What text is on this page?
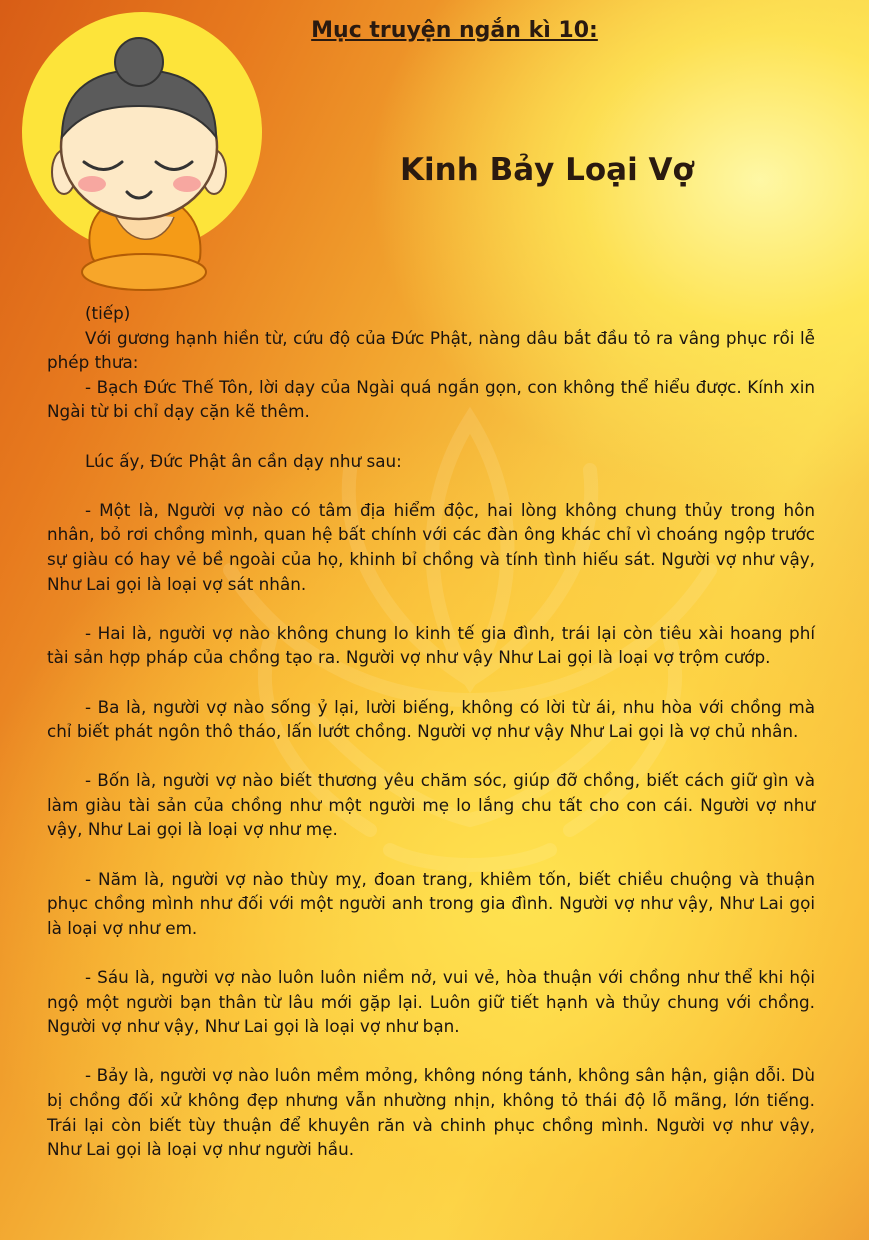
Mục truyện ngắn kì 10:
Kinh Bảy Loại Vợ

(tiếp)

Với gương hạnh hiền từ, cứu độ của Đức Phật, nàng dâu bắt đầu tỏ ra vâng phục rồi lễ phép thưa:

- Bạch Đức Thế Tôn, lời dạy của Ngài quá ngắn gọn, con không thể hiểu được. Kính xin Ngài từ bi chỉ dạy cặn kẽ thêm.

Lúc ấy, Đức Phật ân cần dạy như sau:

- Một là, Người vợ nào có tâm địa hiểm độc, hai lòng không chung thủy trong hôn nhân, bỏ rơi chồng mình, quan hệ bất chính với các đàn ông khác chỉ vì choáng ngộp trước sự giàu có hay vẻ bề ngoài của họ, khinh bỉ chồng và tính tình hiếu sát. Người vợ như vậy, Như Lai gọi là loại vợ sát nhân.

- Hai là, người vợ nào không chung lo kinh tế gia đình, trái lại còn tiêu xài hoang phí tài sản hợp pháp của chồng tạo ra. Người vợ như vậy Như Lai gọi là loại vợ trộm cướp.

- Ba là, người vợ nào sống ỷ lại, lười biếng, không có lời từ ái, nhu hòa với chồng mà chỉ biết phát ngôn thô tháo, lấn lướt chồng. Người vợ như vậy Như Lai gọi là vợ chủ nhân.

- Bốn là, người vợ nào biết thương yêu chăm sóc, giúp đỡ chồng, biết cách giữ gìn và làm giàu tài sản của chồng như một người mẹ lo lắng chu tất cho con cái. Người vợ như vậy, Như Lai gọi là loại vợ như mẹ.

- Năm là, người vợ nào thùy mỵ, đoan trang, khiêm tốn, biết chiều chuộng và thuận phục chồng mình như đối với một người anh trong gia đình. Người vợ như vậy, Như Lai gọi là loại vợ như em.

- Sáu là, người vợ nào luôn luôn niềm nở, vui vẻ, hòa thuận với chồng như thể khi hội ngộ một người bạn thân từ lâu mới gặp lại. Luôn giữ tiết hạnh và thủy chung với chồng. Người vợ như vậy, Như Lai gọi là loại vợ như bạn.

- Bảy là, người vợ nào luôn mềm mỏng, không nóng tánh, không sân hận, giận dỗi. Dù bị chồng đối xử không đẹp nhưng vẫn nhường nhịn, không tỏ thái độ lỗ mãng, lớn tiếng. Trái lại còn biết tùy thuận để khuyên răn và chinh phục chồng mình. Người vợ như vậy, Như Lai gọi là loại vợ như người hầu.
